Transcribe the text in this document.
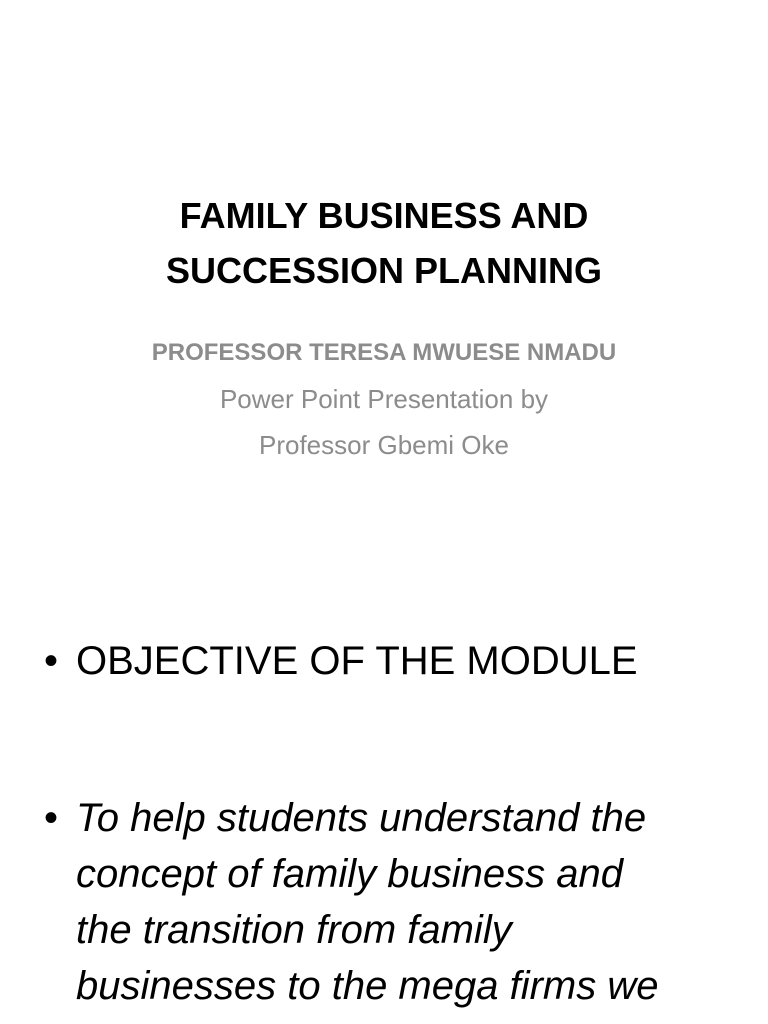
FAMILY BUSINESS AND
SUCCESSION PLANNING
PROFESSOR TERESA MWUESE NMADU
Power Point Presentation by
Professor Gbemi Oke
• OBJECTIVE OF THE MODULE
• To help students understand the
concept of family business and
the transition from family
businesses to the mega firms we
